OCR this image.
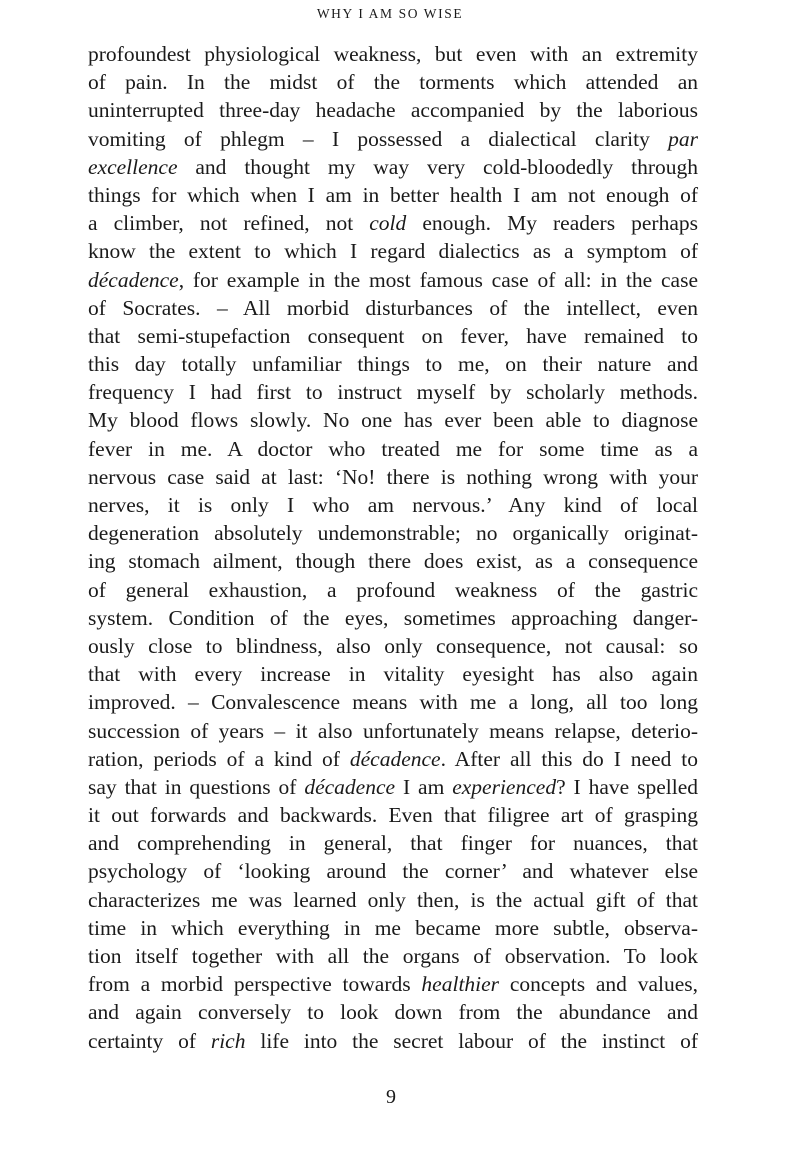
WHY I AM SO WISE
profoundest physiological weakness, but even with an extremity
of pain. In the midst of the torments which attended an
uninterrupted three-day headache accompanied by the laborious
vomiting of phlegm – I possessed a dialectical clarity par
excellence and thought my way very cold-bloodedly through
things for which when I am in better health I am not enough of
a climber, not refined, not cold enough. My readers perhaps
know the extent to which I regard dialectics as a symptom of
décadence, for example in the most famous case of all: in the case
of Socrates. – All morbid disturbances of the intellect, even
that semi-stupefaction consequent on fever, have remained to
this day totally unfamiliar things to me, on their nature and
frequency I had first to instruct myself by scholarly methods.
My blood flows slowly. No one has ever been able to diagnose
fever in me. A doctor who treated me for some time as a
nervous case said at last: ‘No! there is nothing wrong with your
nerves, it is only I who am nervous.’ Any kind of local
degeneration absolutely undemonstrable; no organically originat-
ing stomach ailment, though there does exist, as a consequence
of general exhaustion, a profound weakness of the gastric
system. Condition of the eyes, sometimes approaching danger-
ously close to blindness, also only consequence, not causal: so
that with every increase in vitality eyesight has also again
improved. – Convalescence means with me a long, all too long
succession of years – it also unfortunately means relapse, deterio-
ration, periods of a kind of décadence. After all this do I need to
say that in questions of décadence I am experienced? I have spelled
it out forwards and backwards. Even that filigree art of grasping
and comprehending in general, that finger for nuances, that
psychology of ‘looking around the corner’ and whatever else
characterizes me was learned only then, is the actual gift of that
time in which everything in me became more subtle, observa-
tion itself together with all the organs of observation. To look
from a morbid perspective towards healthier concepts and values,
and again conversely to look down from the abundance and
certainty of rich life into the secret labour of the instinct of
9
